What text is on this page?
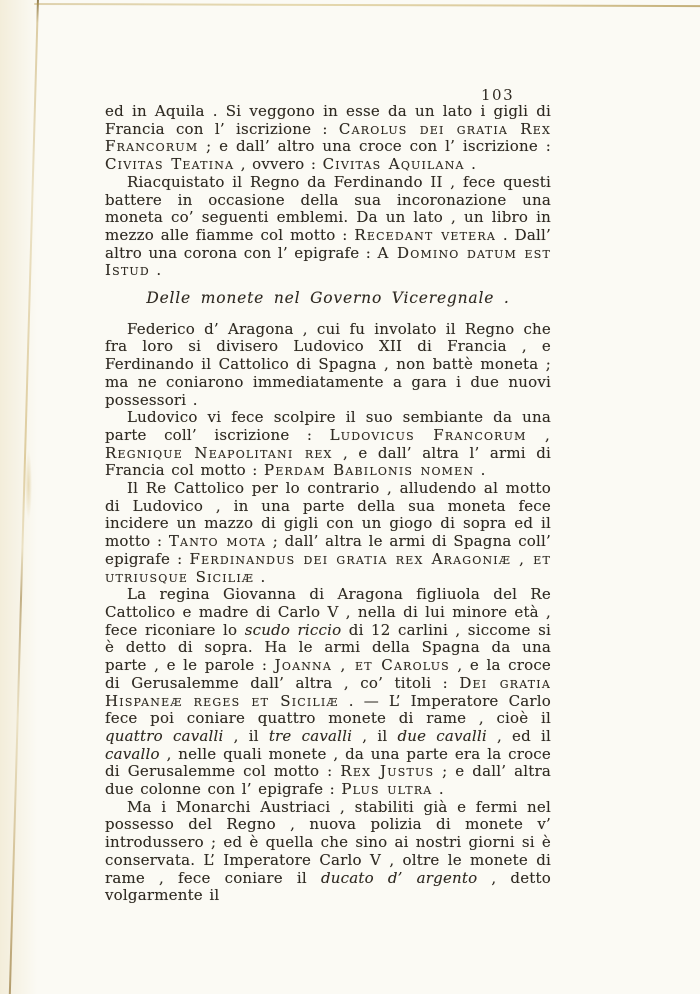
103

ed in Aquila . Si veggono in esse da un lato i gigli di Francia con l’ iscrizione : Carolus dei gratia Rex Francorum ; e dall’ altro una croce con l’ iscrizione : Civitas Teatina , ovvero : Civitas Aquilana .

Riacquistato il Regno da Ferdinando II , fece questi battere in occasione della sua incoronazione una moneta co’ seguenti emblemi. Da un lato , un libro in mezzo alle fiamme col motto : Recedant vetera . Dall’ altro una corona con l’ epigrafe : A Domino datum est Istud .

Delle monete nel Governo Viceregnale .

Federico d’ Aragona , cui fu involato il Regno che fra loro si divisero Ludovico XII di Francia , e Ferdinando il Cattolico di Spagna , non battè moneta ; ma ne coniarono immediatamente a gara i due nuovi possessori .

Ludovico vi fece scolpire il suo sembiante da una parte coll’ iscrizione : Ludovicus Francorum , Regnique Neapolitani rex , e dall’ altra l’ armi di Francia col motto : Perdam Babilonis nomen .

Il Re Cattolico per lo contrario , alludendo al motto di Ludovico , in una parte della sua moneta fece incidere un mazzo di gigli con un giogo di sopra ed il motto : Tanto mota ; dall’ altra le armi di Spagna coll’ epigrafe : Ferdinandus dei gratia rex Aragoniæ , et utriusque Siciliæ .

La regina Giovanna di Aragona figliuola del Re Cattolico e madre di Carlo V , nella di lui minore età , fece riconiare lo scudo riccio di 12 carlini , siccome si è detto di sopra. Ha le armi della Spagna da una parte , e le parole : Joanna , et Carolus , e la croce di Gerusalemme dall’ altra , co’ titoli : Dei gratia Hispaneæ reges et Siciliæ . — L’ Imperatore Carlo fece poi coniare quattro monete di rame , cioè il quattro cavalli , il tre cavalli , il due cavalli , ed il cavallo , nelle quali monete , da una parte era la croce di Gerusalemme col motto : Rex Justus ; e dall’ altra due colonne con l’ epigrafe : Plus ultra .

Ma i Monarchi Austriaci , stabiliti già e fermi nel possesso del Regno , nuova polizia di monete v’ introdussero ; ed è quella che sino ai nostri giorni si è conservata. L’ Imperatore Carlo V , oltre le monete di rame , fece coniare il ducato d’ argento , detto volgarmente il
